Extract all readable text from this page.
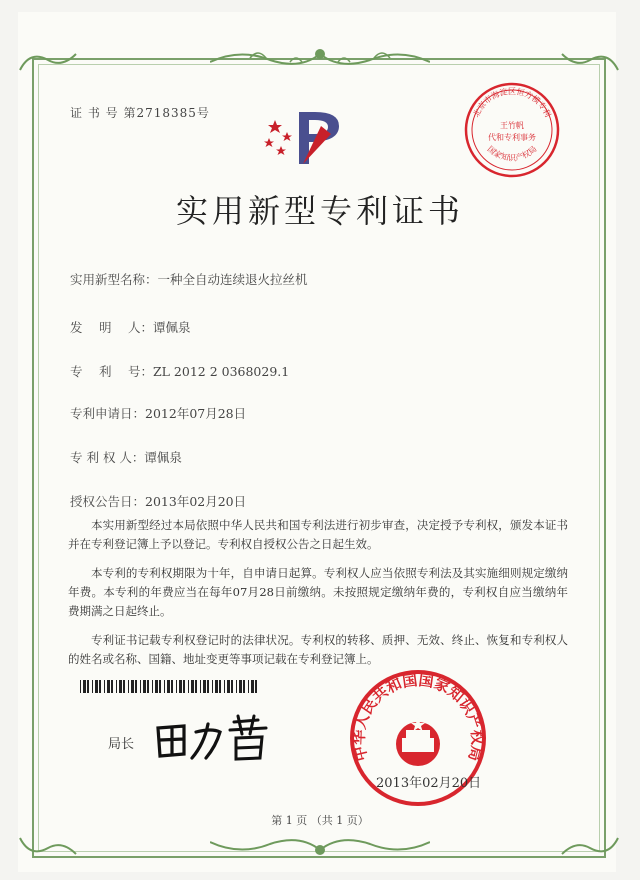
证 书 号 第2718385号	北京市海淀区恒方模专利
王竹帆
代和专利事务
国家知识产权局
实用新型专利证书
实用新型名称：一种全自动连续退火拉丝机
发　 明　 人：谭佩泉
专　 利　 号：ZL 2012 2 0368029.1
专利申请日：2012年07月28日
专 利 权 人：谭佩泉
授权公告日：2013年02月20日

本实用新型经过本局依照中华人民共和国专利法进行初步审查，决定授予专利权，颁发本证书并在专利登记簿上予以登记。专利权自授权公告之日起生效。

本专利的专利权期限为十年，自申请日起算。专利权人应当依照专利法及其实施细则规定缴纳年费。本专利的年费应当在每年07月28日前缴纳。未按照规定缴纳年费的，专利权自应当缴纳年费期满之日起终止。

专利证书记载专利权登记时的法律状况。专利权的转移、质押、无效、终止、恢复和专利权人的姓名或名称、国籍、地址变更等事项记载在专利登记簿上。

局长	中华人民共和国国家知识产权局
2013年02月20日
第 1 页 （共 1 页）
